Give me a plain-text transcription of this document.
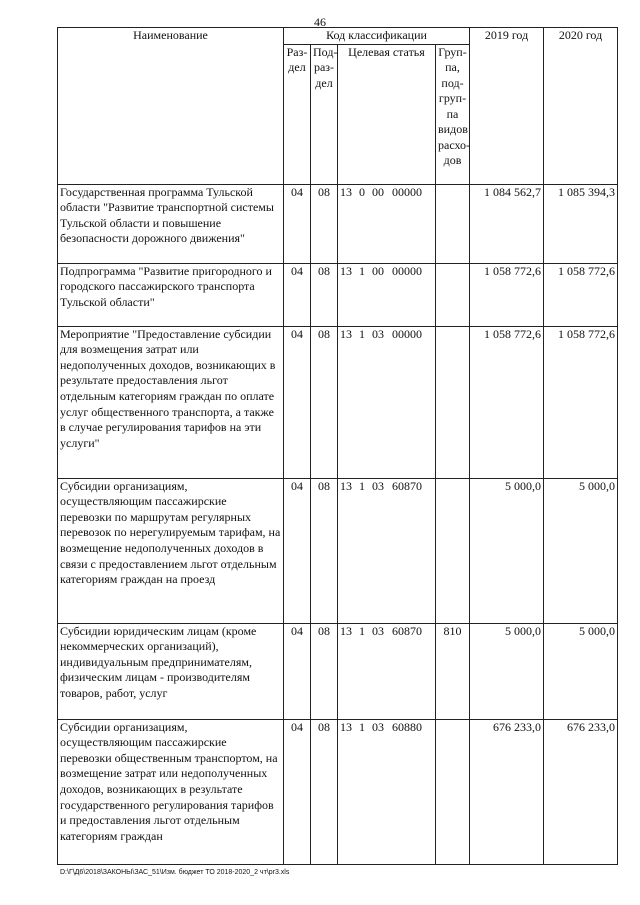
46
Наименование	Код классификации				2019 год	2020 год
	Раз- дел	Под- раз- дел	Целевая статья	Груп- па, под- груп- па видов расхо- дов		
Государственная программа Тульской области "Развитие транспортной системы Тульской области и повышение безопасности дорожного движения"	04	08	13 0 00 00000		1 084 562,7	1 085 394,3
Подпрограмма "Развитие пригородного и городского пассажирского транспорта Тульской области"	04	08	13 1 00 00000		1 058 772,6	1 058 772,6
Мероприятие "Предоставление субсидии для возмещения затрат или недополученных доходов, возникающих в результате предоставления льгот отдельным категориям граждан по оплате услуг общественного транспорта, а также в случае регулирования тарифов на эти услуги"	04	08	13 1 03 00000		1 058 772,6	1 058 772,6
Субсидии организациям, осуществляющим пассажирские перевозки по маршрутам регулярных перевозок по нерегулируемым тарифам, на возмещение недополученных доходов в связи с предоставлением льгот отдельным категориям граждан на проезд	04	08	13 1 03 60870		5 000,0	5 000,0
Субсидии юридическим лицам (кроме некоммерческих организаций), индивидуальным предпринимателям, физическим лицам - производителям товаров, работ, услуг	04	08	13 1 03 60870	810	5 000,0	5 000,0
Субсидии организациям, осуществляющим пассажирские перевозки общественным транспортом, на возмещение затрат или недополученных доходов, возникающих в результате государственного регулирования тарифов и предоставления льгот отдельным категориям граждан	04	08	13 1 03 60880		676 233,0	676 233,0
D:\Г\Д6\2018\ЗАКОНЫ\ЗАС_51\Изм. бюджет ТО 2018-2020_2 чт\pr3.xls
